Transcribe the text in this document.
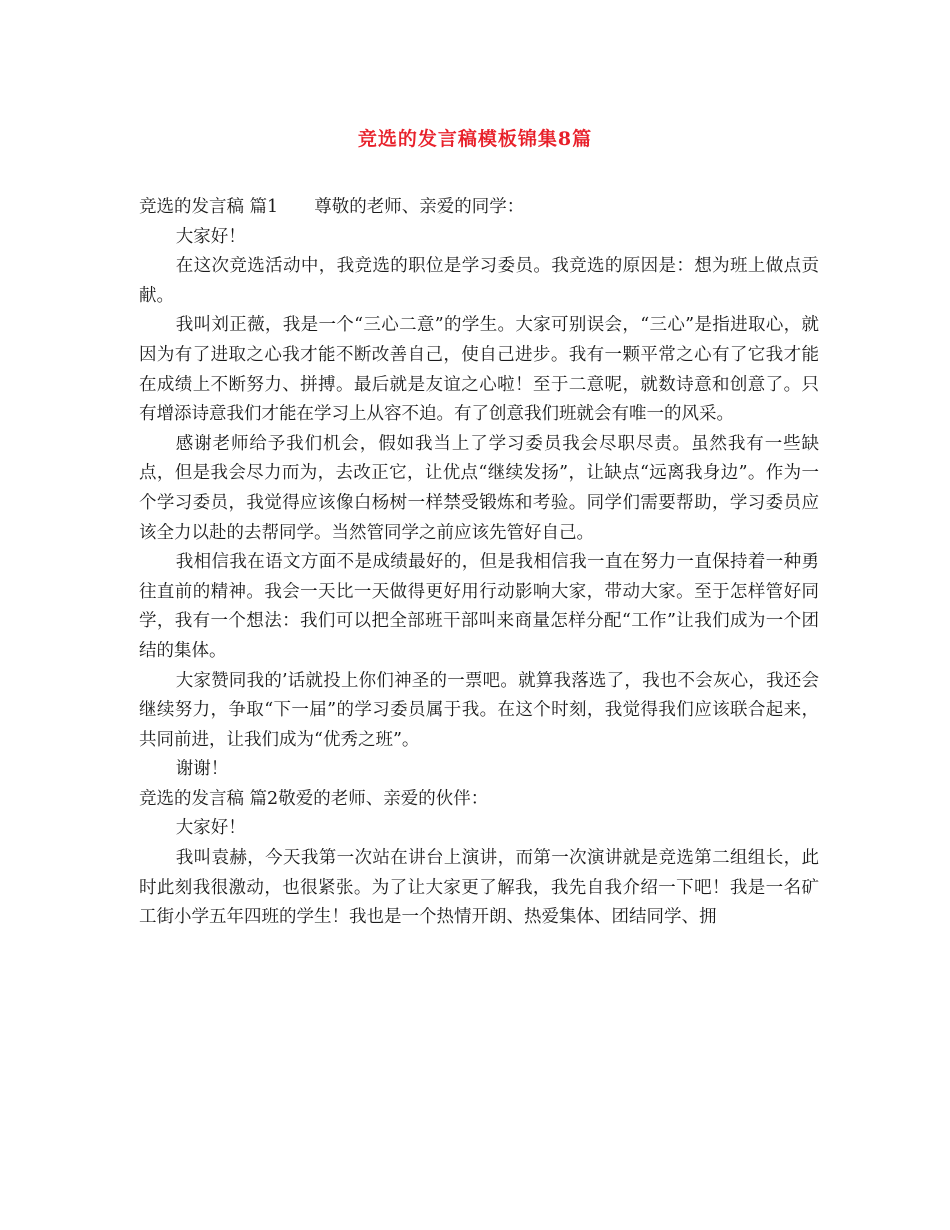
竞选的发言稿模板锦集8篇

竞选的发言稿 篇1 尊敬的老师、亲爱的同学：

大家好！

在这次竞选活动中，我竞选的职位是学习委员。我竞选的原因是：想为班上做点贡献。

我叫刘正薇，我是一个“三心二意”的学生。大家可别误会，“三心”是指进取心，就因为有了进取之心我才能不断改善自己，使自己进步。我有一颗平常之心有了它我才能在成绩上不断努力、拼搏。最后就是友谊之心啦！至于二意呢，就数诗意和创意了。只有增添诗意我们才能在学习上从容不迫。有了创意我们班就会有唯一的风采。

感谢老师给予我们机会，假如我当上了学习委员我会尽职尽责。虽然我有一些缺点，但是我会尽力而为，去改正它，让优点“继续发扬”，让缺点“远离我身边”。作为一个学习委员，我觉得应该像白杨树一样禁受锻炼和考验。同学们需要帮助，学习委员应该全力以赴的去帮同学。当然管同学之前应该先管好自己。

我相信我在语文方面不是成绩最好的，但是我相信我一直在努力一直保持着一种勇往直前的精神。我会一天比一天做得更好用行动影响大家，带动大家。至于怎样管好同学，我有一个想法：我们可以把全部班干部叫来商量怎样分配“工作”让我们成为一个团结的集体。

大家赞同我的’话就投上你们神圣的一票吧。就算我落选了，我也不会灰心，我还会继续努力，争取“下一届”的学习委员属于我。在这个时刻，我觉得我们应该联合起来，共同前进，让我们成为“优秀之班”。

谢谢！

竞选的发言稿 篇2敬爱的老师、亲爱的伙伴：

大家好！

我叫袁赫，今天我第一次站在讲台上演讲，而第一次演讲就是竞选第二组组长，此时此刻我很激动，也很紧张。为了让大家更了解我，我先自我介绍一下吧！我是一名矿工街小学五年四班的学生！我也是一个热情开朗、热爱集体、团结同学、拥
